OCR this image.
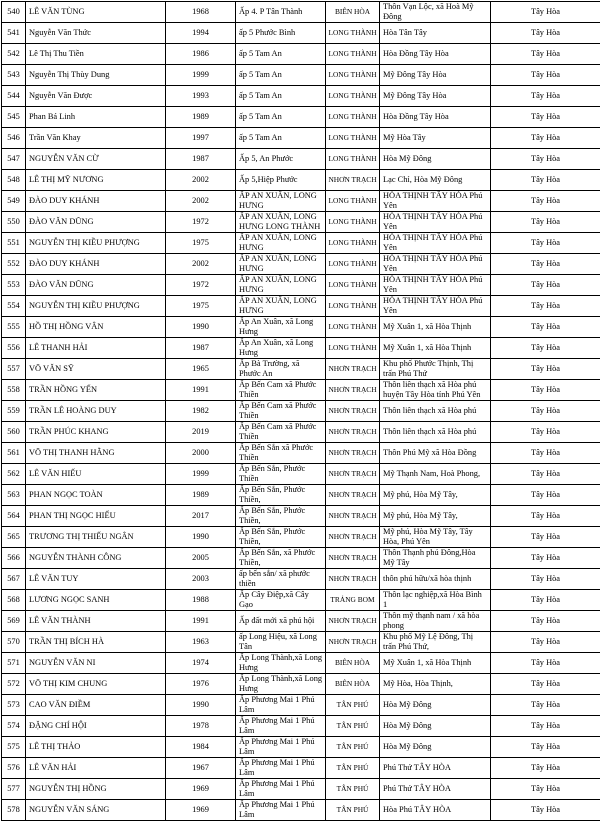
540	LÊ VĂN TÙNG	1968	Ấp 4. P Tân Thành	BIÊN HÒA	Thôn Vạn Lộc, xã Hoà Mỹ Đông	Tây Hòa
541	Nguyễn Văn Thức	1994	ấp 5 Phước Bình	LONG THÀNH	Hòa Tân Tây	Tây Hòa
542	Lê Thị Thu Tiền	1986	ấp 5 Tam An	LONG THÀNH	Hòa Đồng Tây Hòa	Tây Hòa
543	Nguyễn Thị Thùy Dung	1999	ấp 5 Tam An	LONG THÀNH	Mỹ Đông Tây Hòa	Tây Hòa
544	Nguyễn Văn Được	1993	ấp 5 Tam An	LONG THÀNH	Mỹ Đông Tây Hòa	Tây Hòa
545	Phan Bá Linh	1989	ấp 5 Tam An	LONG THÀNH	Hòa Đồng Tây Hòa	Tây Hòa
546	Trần Văn Khay	1997	ấp 5 Tam An	LONG THÀNH	Mỹ Hòa Tây	Tây Hòa
547	NGUYỄN VĂN CỪ	1987	Ấp 5, An Phước	LONG THÀNH	Hòa Mỹ Đông	Tây Hòa
548	LÊ THỊ MỸ NƯƠNG	2002	Ấp 5,Hiệp Phước	NHƠN TRẠCH	Lạc Chỉ, Hòa Mỹ Đông	Tây Hòa
549	ĐÀO DUY KHÁNH	2002	ẤP AN XUÂN, LONG HƯNG	LONG THÀNH	HÒA THỊNH TÂY HÒA Phú Yên	Tây Hòa
550	ĐÀO VĂN DŨNG	1972	ẤP AN XUÂN, LONG HƯNG LONG THÀNH	LONG THÀNH	HÒA THỊNH TÂY HÒA Phú Yên	Tây Hòa
551	NGUYỄN THỊ KIỀU PHƯỢNG	1975	ẤP AN XUÂN, LONG HƯNG	LONG THÀNH	HÒA THỊNH TÂY HÒA Phú Yên	Tây Hòa
552	ĐÀO DUY KHÁNH	2002	ẤP AN XUÂN, LONG HƯNG	LONG THÀNH	HÒA THỊNH TÂY HÒA Phú Yên	Tây Hòa
553	ĐÀO VĂN DŨNG	1972	ẤP AN XUÂN, LONG HƯNG	LONG THÀNH	HÒA THỊNH TÂY HÒA Phú Yên	Tây Hòa
554	NGUYỄN THỊ KIỀU PHƯỢNG	1975	ẤP AN XUÂN, LONG HƯNG	LONG THÀNH	HÒA THỊNH TÂY HÒA Phú Yên	Tây Hòa
555	HỒ THỊ HỒNG VÂN	1990	Ấp An Xuân, xã Long Hưng	LONG THÀNH	Mỹ Xuân 1, xã Hòa Thịnh	Tây Hòa
556	LÊ THANH HẢI	1987	Ấp An Xuân, xã Long Hưng	LONG THÀNH	Mỹ Xuân 1, xã Hòa Thịnh	Tây Hòa
557	VÕ VĂN SỸ	1965	Ấp Bà Trường, xã Phước An	NHƠN TRẠCH	Khu phố Phước Thịnh, Thị trấn Phú Thứ	Tây Hòa
558	TRẦN HỒNG YẾN	1991	Ấp Bến Cam xã Phước Thiền	NHƠN TRẠCH	Thôn liên thạch xã Hòa phú huyện Tây Hòa tỉnh Phú Yên	Tây Hòa
559	TRẦN LÊ HOÀNG DUY	1982	Ấp Bến Cam xã Phước Thiền	NHƠN TRẠCH	Thôn liên thạch xã Hòa phú	Tây Hòa
560	TRẦN PHÚC KHANG	2019	Ấp Bến Cam xã Phước Thiền	NHƠN TRẠCH	Thôn liên thạch xã Hòa phú	Tây Hòa
561	VÕ THỊ THANH HẰNG	2000	Ấp Bến Sắn xã Phước Thiền	NHƠN TRẠCH	Thôn Phú Mỹ xã Hòa Đồng	Tây Hòa
562	LÊ VĂN HIẾU	1999	Ấp Bến Sắn, Phước Thiền	NHƠN TRẠCH	Mỹ Thạnh Nam, Hoà Phong,	Tây Hòa
563	PHAN NGỌC TOÀN	1989	Ấp Bến Sắn, Phước Thiền,	NHƠN TRẠCH	Mỹ phú, Hòa Mỹ Tây,	Tây Hòa
564	PHAN THỊ NGỌC HIẾU	2017	Ấp Bến Sắn, Phước Thiền,	NHƠN TRẠCH	Mỹ phú, Hòa Mỹ Tây,	Tây Hòa
565	TRƯƠNG THỊ THIẾU NGÂN	1990	Ấp Bến Sắn, Phước Thiền,	NHƠN TRẠCH	Mỹ phú, Hòa Mỹ Tây, Tây Hòa, Phú Yên	Tây Hòa
566	NGUYỄN THÀNH CÔNG	2005	Ấp Bến Sắn, xã Phước Thiền,	NHƠN TRẠCH	Thôn Thạnh phú Đông,Hòa Mỹ Tây	Tây Hòa
567	LÊ VĂN TUY	2003	ấp bến sắn/ xã phước thiền	NHƠN TRẠCH	thôn phú hữu/xã hòa thịnh	Tây Hòa
568	LƯƠNG NGỌC SANH	1988	Ấp Cây Điệp,xã Cây Gạo	TRẢNG BOM	Thôn lạc nghiệp,xã Hòa Bình 1	Tây Hòa
569	LÊ VĂN THÀNH	1991	Ấp đất mới xã phú hội	NHƠN TRẠCH	Thôn mỹ thạnh nam / xã hòa phong	Tây Hòa
570	TRẦN THỊ BÍCH HÀ	1963	ấp Long Hiệu, xã Long Tân	NHƠN TRẠCH	Khu phố Mỹ Lệ Đông, Thị trấn Phú Thứ,	Tây Hòa
571	NGUYỄN VĂN NI	1974	Ấp Long Thành,xã Long Hưng	BIÊN HÒA	Mỹ Xuân 1, xã Hòa Thịnh	Tây Hòa
572	VÕ THỊ KIM CHUNG	1976	Ấp Long Thành,xã Long Hưng	BIÊN HÒA	Mỹ Hòa, Hòa Thịnh,	Tây Hòa
573	CAO VĂN ĐIỀM	1990	Ấp Phương Mai 1 Phú Lâm	TÂN PHÚ	Hòa Mỹ Đông	Tây Hòa
574	ĐẶNG CHÍ HỘI	1978	Ấp Phương Mai 1 Phú Lâm	TÂN PHÚ	Hòa Mỹ Đông	Tây Hòa
575	LÊ THỊ THẢO	1984	Ấp Phương Mai 1 Phú Lâm	TÂN PHÚ	Hòa Mỹ Đông	Tây Hòa
576	LÊ VĂN HẢI	1967	Ấp Phương Mai 1 Phú Lâm	TÂN PHÚ	Phú Thứ TÂY HÒA	Tây Hòa
577	NGUYỄN THỊ HỒNG	1969	Ấp Phương Mai 1 Phú Lâm	TÂN PHÚ	Phú Thứ TÂY HÒA	Tây Hòa
578	NGUYỄN VĂN SÁNG	1969	Ấp Phương Mai 1 Phú Lâm	TÂN PHÚ	Hòa Phú TÂY HÒA	Tây Hòa
